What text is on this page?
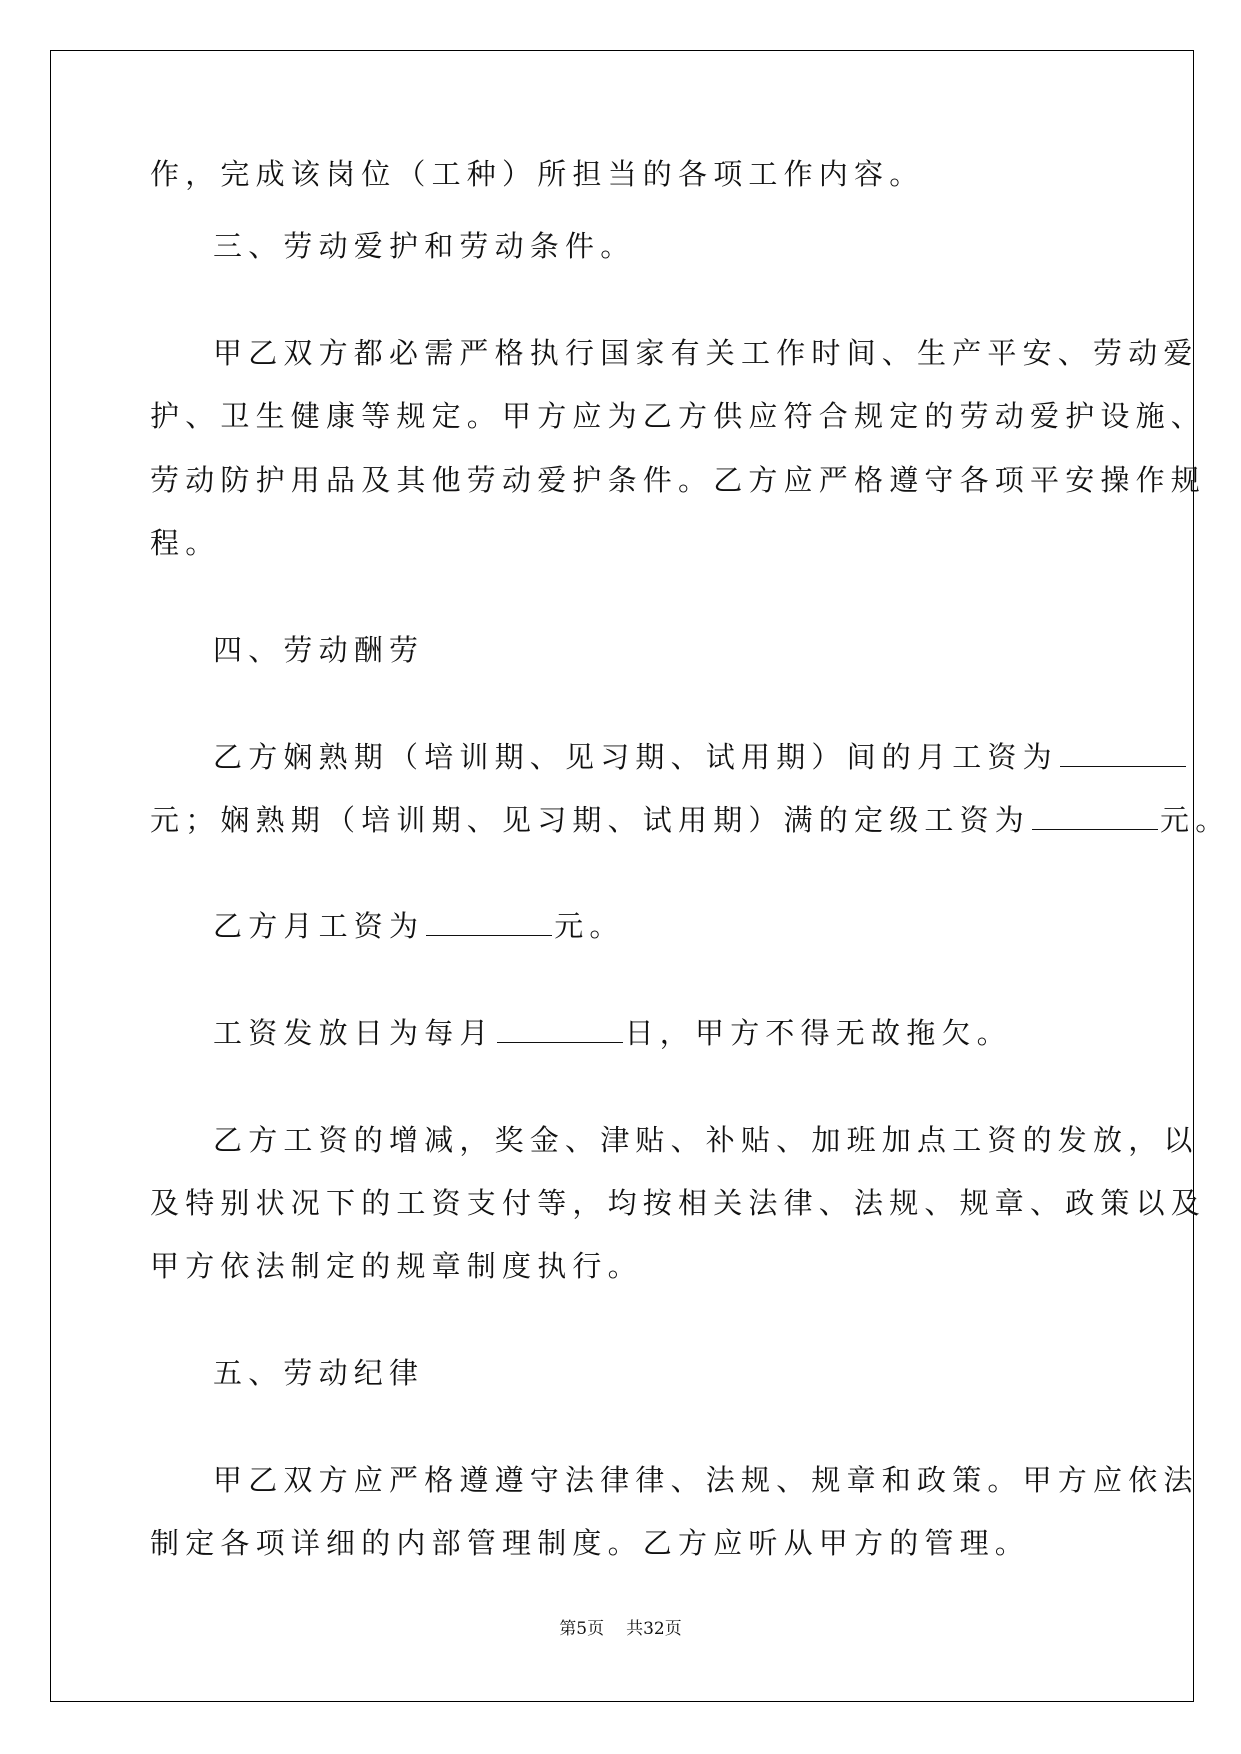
作，完成该岗位（工种）所担当的各项工作内容。
三、劳动爱护和劳动条件。
甲乙双方都必需严格执行国家有关工作时间、生产平安、劳动爱
护、卫生健康等规定。甲方应为乙方供应符合规定的劳动爱护设施、
劳动防护用品及其他劳动爱护条件。乙方应严格遵守各项平安操作规
程。
四、劳动酬劳
乙方娴熟期（培训期、见习期、试用期）间的月工资为
元；娴熟期（培训期、见习期、试用期）满的定级工资为	元。
乙方月工资为	元。
工资发放日为每月	日，甲方不得无故拖欠。
乙方工资的增减，奖金、津贴、补贴、加班加点工资的发放，以
及特别状况下的工资支付等，均按相关法律、法规、规章、政策以及
甲方依法制定的规章制度执行。
五、劳动纪律
甲乙双方应严格遵遵守法律律、法规、规章和政策。甲方应依法
制定各项详细的内部管理制度。乙方应听从甲方的管理。
第5页 共32页
